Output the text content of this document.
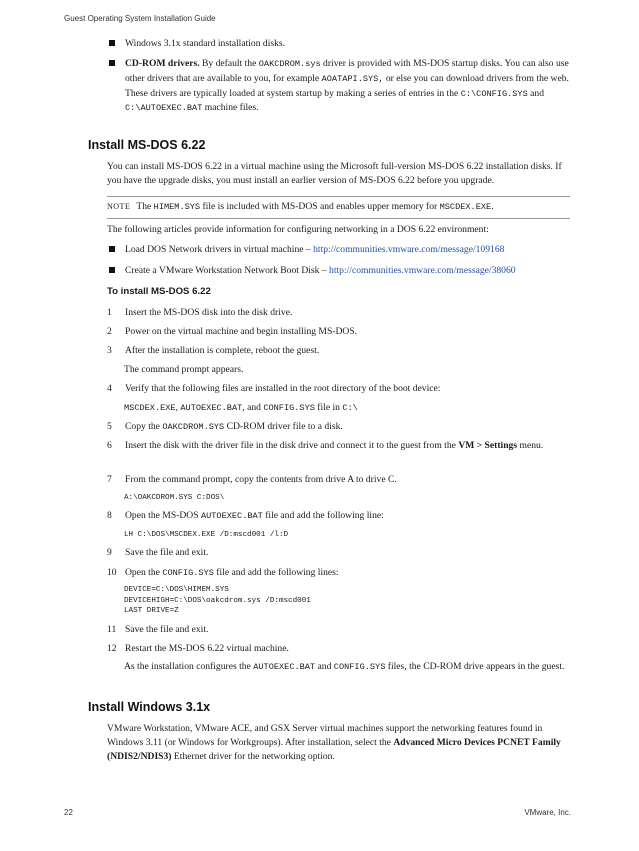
Guest Operating System Installation Guide
Windows 3.1x standard installation disks.
CD-ROM drivers. By default the OAKCDROM.sys driver is provided with MS-DOS startup disks. You can also use other drivers that are available to you, for example AOATAPI.SYS, or else you can download drivers from the web. These drivers are typically loaded at system startup by making a series of entries in the C:\CONFIG.SYS and C:\AUTOEXEC.BAT machine files.
Install MS-DOS 6.22
You can install MS-DOS 6.22 in a virtual machine using the Microsoft full-version MS-DOS 6.22 installation disks. If you have the upgrade disks, you must install an earlier version of MS-DOS 6.22 before you upgrade.
NOTE The HIMEM.SYS file is included with MS-DOS and enables upper memory for MSCDEX.EXE.
The following articles provide information for configuring networking in a DOS 6.22 environment:
Load DOS Network drivers in virtual machine – http://communities.vmware.com/message/109168
Create a VMware Workstation Network Boot Disk – http://communities.vmware.com/message/38060
To install MS-DOS 6.22
1	Insert the MS-DOS disk into the disk drive.
2	Power on the virtual machine and begin installing MS-DOS.
3	After the installation is complete, reboot the guest.
The command prompt appears.
4	Verify that the following files are installed in the root directory of the boot device:
MSCDEX.EXE, AUTOEXEC.BAT, and CONFIG.SYS file in C:\
5	Copy the OAKCDROM.SYS CD-ROM driver file to a disk.
6	Insert the disk with the driver file in the disk drive and connect it to the guest from the VM > Settings menu.
7	From the command prompt, copy the contents from drive A to drive C.
A:\OAKCDROM.SYS C:DOS\
8	Open the MS-DOS AUTOEXEC.BAT file and add the following line:
LH C:\DOS\MSCDEX.EXE /D:mscd001 /l:D
9	Save the file and exit.
10 Open the CONFIG.SYS file and add the following lines:
DEVICE=C:\DOS\HIMEM.SYS
DEVICEHIGH=C:\DOS\oakcdrom.sys /D:mscd001
LAST DRIVE=Z
11 Save the file and exit.
12 Restart the MS-DOS 6.22 virtual machine.
As the installation configures the AUTOEXEC.BAT and CONFIG.SYS files, the CD-ROM drive appears in the guest.
Install Windows 3.1x
VMware Workstation, VMware ACE, and GSX Server virtual machines support the networking features found in Windows 3.11 (or Windows for Workgroups). After installation, select the Advanced Micro Devices PCNET Family (NDIS2/NDIS3) Ethernet driver for the networking option.
22	VMware, Inc.
